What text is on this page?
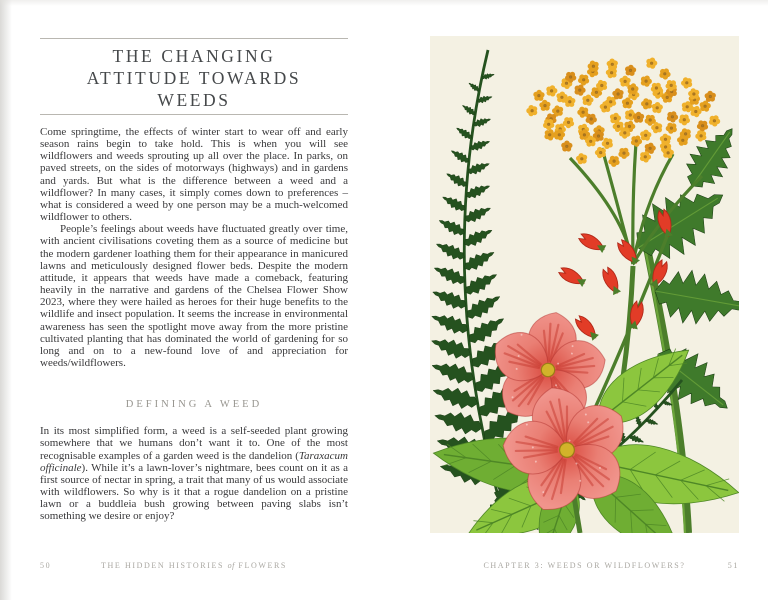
THE CHANGING
ATTITUDE TOWARDS
WEEDS

Come springtime, the effects of winter start to wear off and early season rains begin to take hold. This is when you will see wildflowers and weeds sprouting up all over the place. In parks, on paved streets, on the sides of motorways (highways) and in gardens and yards. But what is the difference between a weed and a wildflower? In many cases, it simply comes down to preferences – what is considered a weed by one person may be a much-welcomed wildflower to others.

People’s feelings about weeds have fluctuated greatly over time, with ancient civilisations coveting them as a source of medicine but the modern gardener loathing them for their appearance in manicured lawns and meticulously designed flower beds. Despite the modern attitude, it appears that weeds have made a comeback, featuring heavily in the narrative and gardens of the Chelsea Flower Show 2023, where they were hailed as heroes for their huge benefits to the wildlife and insect population. It seems the increase in environmental awareness has seen the spotlight move away from the more pristine cultivated planting that has dominated the world of gardening for so long and on to a new-found love of and appreciation for weeds/wildflowers.

DEFINING A WEED

In its most simplified form, a weed is a self-seeded plant growing somewhere that we humans don’t want it to. One of the most recognisable examples of a garden weed is the dandelion (Taraxacum officinale). While it’s a lawn-lover’s nightmare, bees count on it as a first source of nectar in spring, a trait that many of us would associate with wildflowers. So why is it that a rogue dandelion on a pristine lawn or a buddleia bush growing between paving slabs isn’t something we desire or enjoy?

50	THE HIDDEN HISTORIES of FLOWERS	CHAPTER 3: WEEDS OR WILDFLOWERS?	51
